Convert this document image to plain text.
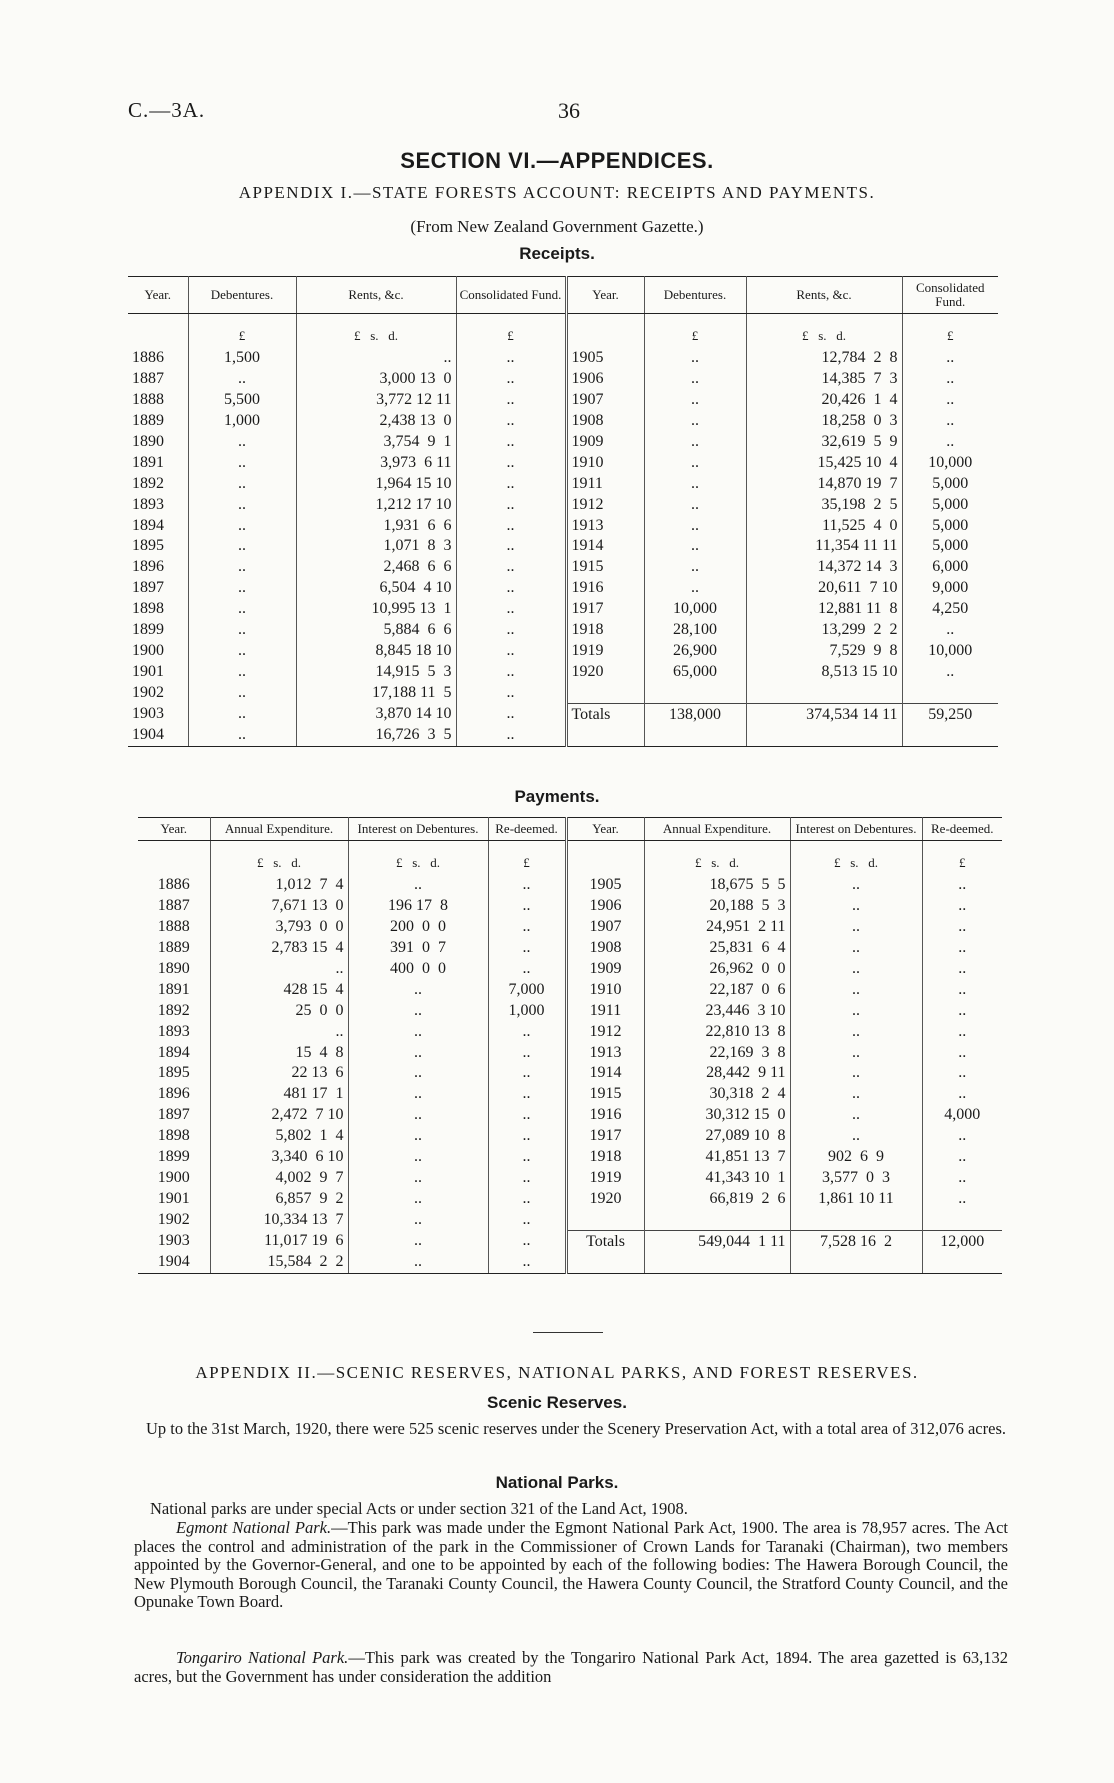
C.—3A.	36
SECTION VI.—APPENDICES.
APPENDIX I.—STATE FORESTS ACCOUNT: RECEIPTS AND PAYMENTS.
(From New Zealand Government Gazette.)
Receipts.
Year.	Debentures.	Rents, &c.	Consolidated Fund.	Year.	Debentures.	Rents, &c.	Consolidated Fund.
	£	£   s.   d.	£		£	£   s.   d.	£
1886	1,500	..	..	1905	..	12,784  2  8	..
1887	..	3,000 13  0	..	1906	..	14,385  7  3	..
1888	5,500	3,772 12 11	..	1907	..	20,426  1  4	..
1889	1,000	2,438 13  0	..	1908	..	18,258  0  3	..
1890	..	3,754  9  1	..	1909	..	32,619  5  9	..
1891	..	3,973  6 11	..	1910	..	15,425 10  4	10,000
1892	..	1,964 15 10	..	1911	..	14,870 19  7	5,000
1893	..	1,212 17 10	..	1912	..	35,198  2  5	5,000
1894	..	1,931  6  6	..	1913	..	11,525  4  0	5,000
1895	..	1,071  8  3	..	1914	..	11,354 11 11	5,000
1896	..	2,468  6  6	..	1915	..	14,372 14  3	6,000
1897	..	6,504  4 10	..	1916	..	20,611  7 10	9,000
1898	..	10,995 13  1	..	1917	10,000	12,881 11  8	4,250
1899	..	5,884  6  6	..	1918	28,100	13,299  2  2	..
1900	..	8,845 18 10	..	1919	26,900	7,529  9  8	10,000
1901	..	14,915  5  3	..	1920	65,000	8,513 15 10	..
1902	..	17,188 11  5	..				
1903	..	3,870 14 10	..	Totals	138,000	374,534 14 11	59,250
1904	..	16,726  3  5	..				
Payments.
Year.	Annual Expenditure.	Interest on Debentures.	Re-deemed.	Year.	Annual Expenditure.	Interest on Debentures.	Re-deemed.
	£   s.   d.	£   s.   d.	£		£   s.   d.	£   s.   d.	£
1886	1,012  7  4	..	..	1905	18,675  5  5	..	..
1887	7,671 13  0	196 17  8	..	1906	20,188  5  3	..	..
1888	3,793  0  0	200  0  0	..	1907	24,951  2 11	..	..
1889	2,783 15  4	391  0  7	..	1908	25,831  6  4	..	..
1890	..	400  0  0	..	1909	26,962  0  0	..	..
1891	428 15  4	..	7,000	1910	22,187  0  6	..	..
1892	25  0  0	..	1,000	1911	23,446  3 10	..	..
1893	..	..	..	1912	22,810 13  8	..	..
1894	15  4  8	..	..	1913	22,169  3  8	..	..
1895	22 13  6	..	..	1914	28,442  9 11	..	..
1896	481 17  1	..	..	1915	30,318  2  4	..	..
1897	2,472  7 10	..	..	1916	30,312 15  0	..	4,000
1898	5,802  1  4	..	..	1917	27,089 10  8	..	..
1899	3,340  6 10	..	..	1918	41,851 13  7	902  6  9	..
1900	4,002  9  7	..	..	1919	41,343 10  1	3,577  0  3	..
1901	6,857  9  2	..	..	1920	66,819  2  6	1,861 10 11	..
1902	10,334 13  7	..	..				
1903	11,017 19  6	..	..	Totals	549,044  1 11	7,528 16  2	12,000
1904	15,584  2  2	..	..				
APPENDIX II.—SCENIC RESERVES, NATIONAL PARKS, AND FOREST RESERVES.
Scenic Reserves.
Up to the 31st March, 1920, there were 525 scenic reserves under the Scenery Preservation Act, with a total area of 312,076 acres.
National Parks.
National parks are under special Acts or under section 321 of the Land Act, 1908.
Egmont National Park.—This park was made under the Egmont National Park Act, 1900. The area is 78,957 acres. The Act places the control and administration of the park in the Commissioner of Crown Lands for Taranaki (Chairman), two members appointed by the Governor-General, and one to be appointed by each of the following bodies: The Hawera Borough Council, the New Plymouth Borough Council, the Taranaki County Council, the Hawera County Council, the Stratford County Council, and the Opunake Town Board.
Tongariro National Park.—This park was created by the Tongariro National Park Act, 1894. The area gazetted is 63,132 acres, but the Government has under consideration the addition
